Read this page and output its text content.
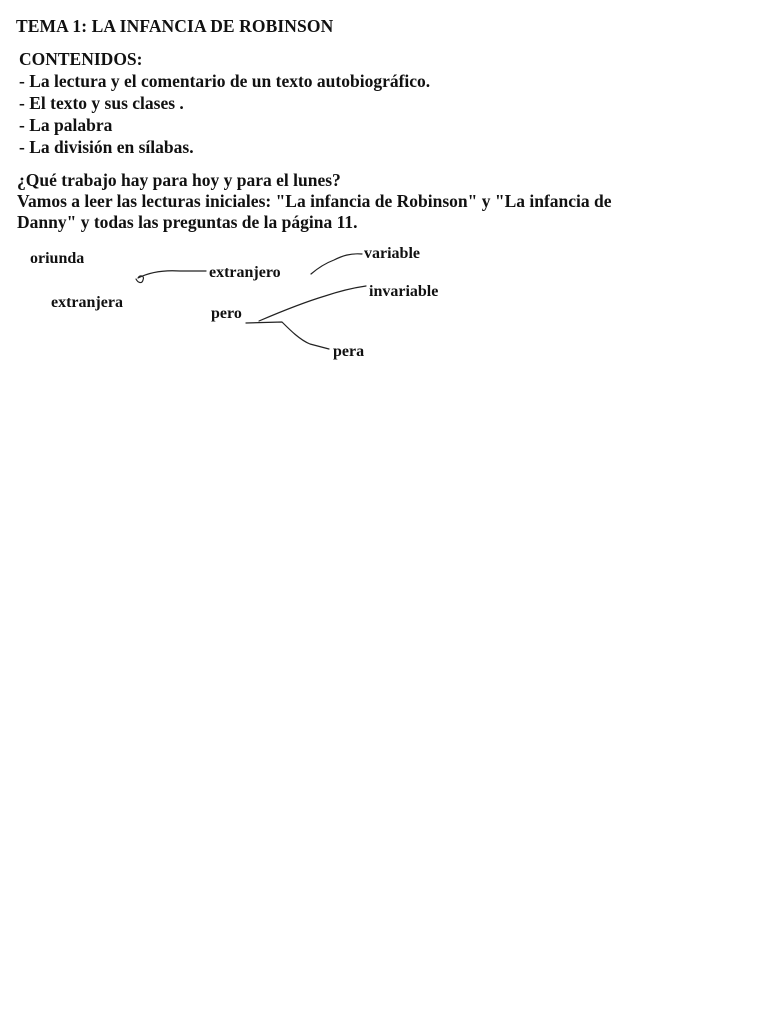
TEMA 1: LA INFANCIA DE ROBINSON
CONTENIDOS:
- La lectura y el comentario de un texto autobiográfico.
- El texto y sus clases .
- La palabra
- La división en sílabas.
¿Qué trabajo hay para hoy y para el lunes?
Vamos a leer las lecturas iniciales: "La infancia de Robinson" y "La infancia de Danny" y todas las preguntas de la página 11.
oriunda
extranjera
extranjero
variable
invariable
pero
pera
